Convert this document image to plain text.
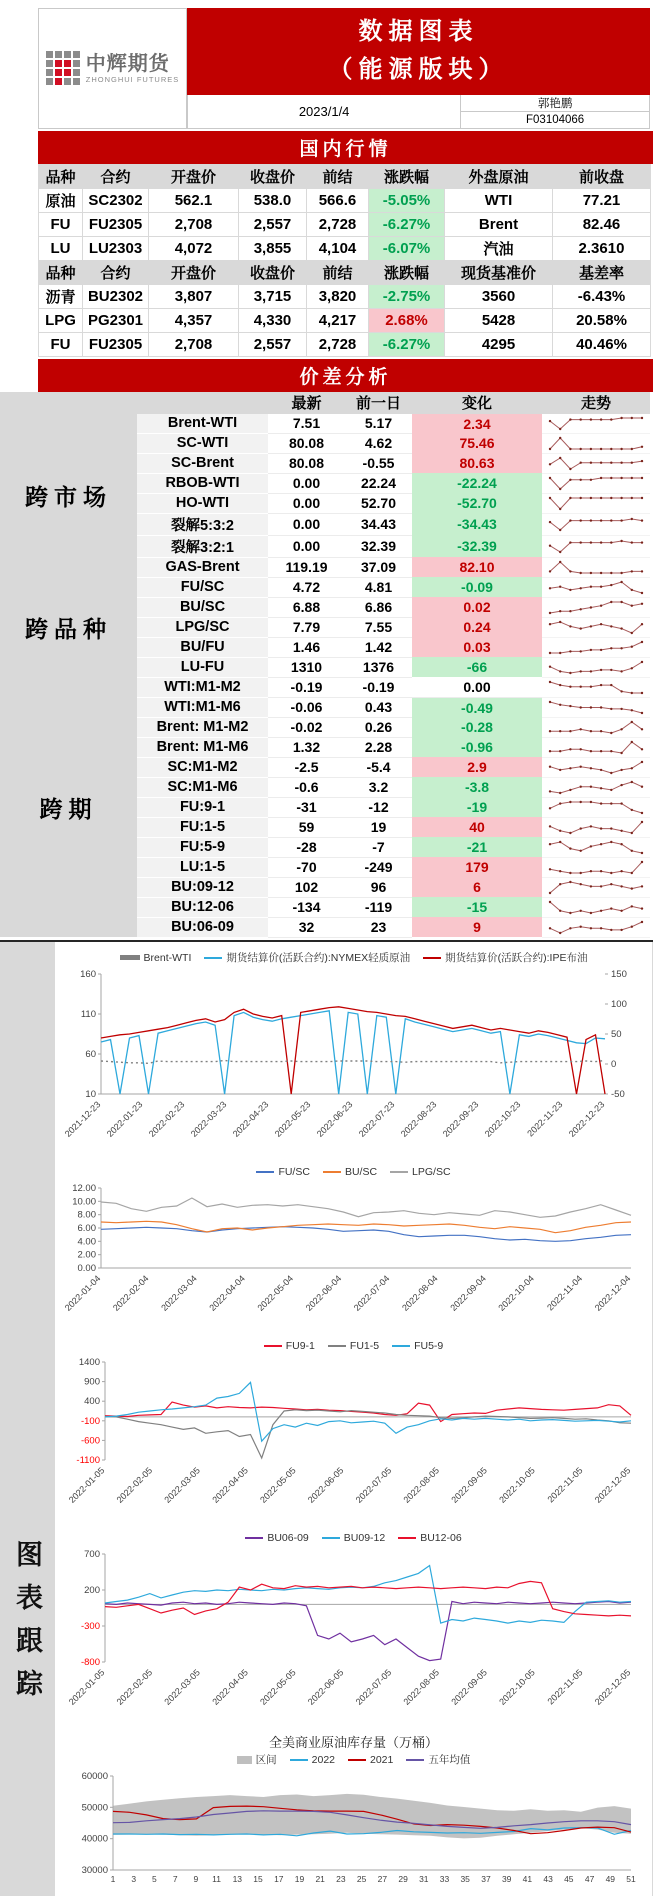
中辉期货
ZHONGHUI FUTURES
数据图表
（能源版块）
2023/1/4	郭艳鹏
F03104066
国内行情
品种	合约	开盘价	收盘价	前结	涨跌幅	外盘原油	前收盘
原油	SC2302	562.1	538.0	566.6	-5.05%	WTI	77.21
FU	FU2305	2,708	2,557	2,728	-6.27%	Brent	82.46
LU	LU2303	4,072	3,855	4,104	-6.07%	汽油	2.3610
品种	合约	开盘价	收盘价	前结	涨跌幅	现货基准价	基差率
沥青	BU2302	3,807	3,715	3,820	-2.75%	3560	-6.43%
LPG	PG2301	4,357	4,330	4,217	2.68%	5428	20.58%
FU	FU2305	2,708	2,557	2,728	-6.27%	4295	40.46%
价差分析
		最新	前一日	变化	走势
跨市场	Brent-WTI	7.51	5.17	2.34	

	SC-WTI	80.08	4.62	75.46	

	SC-Brent	80.08	-0.55	80.63	

	RBOB-WTI	0.00	22.24	-22.24	

	HO-WTI	0.00	52.70	-52.70	

	裂解5:3:2	0.00	34.43	-34.43	

	裂解3:2:1	0.00	32.39	-32.39	

	GAS-Brent	119.19	37.09	82.10	

跨品种	FU/SC	4.72	4.81	-0.09	

	BU/SC	6.88	6.86	0.02	

	LPG/SC	7.79	7.55	0.24	

	BU/FU	1.46	1.42	0.03	

	LU-FU	1310	1376	-66	

跨期	WTI:M1-M2	-0.19	-0.19	0.00	

	WTI:M1-M6	-0.06	0.43	-0.49	

	Brent: M1-M2	-0.02	0.26	-0.28	

	Brent: M1-M6	1.32	2.28	-0.96	

	SC:M1-M2	-2.5	-5.4	2.9	

	SC:M1-M6	-0.6	3.2	-3.8	

	FU:9-1	-31	-12	-19	

	FU:1-5	59	19	40	

	FU:5-9	-28	-7	-21	

	LU:1-5	-70	-249	179	

	BU:09-12	102	96	6	

	BU:12-06	-134	-119	-15	

	BU:06-09	32	23	9	
图表跟踪
Brent-WTI	期货结算价(活跃合约):NYMEX轻质原油	期货结算价(活跃合约):IPE布油
160
110
60
10
150
100
50
0
-50
2021-12-23 2022-01-23 2022-02-23 2022-03-23 2022-04-23 2022-05-23 2022-06-23 2022-07-23 2022-08-23 2022-09-23 2022-10-23 2022-11-23 2022-12-23
FU/SC	BU/SC	LPG/SC
12.00
10.00
8.00
6.00
4.00
2.00
0.00
2022-01-04 2022-02-04 2022-03-04 2022-04-04 2022-05-04 2022-06-04 2022-07-04 2022-08-04 2022-09-04 2022-10-04 2022-11-04 2022-12-04
FU9-1	FU1-5	FU5-9
1400
900
400
-100
-600
-1100
2022-01-05 2022-02-05 2022-03-05 2022-04-05 2022-05-05 2022-06-05 2022-07-05 2022-08-05 2022-09-05 2022-10-05 2022-11-05 2022-12-05
BU06-09	BU09-12	BU12-06
700
200
-300
-800
2022-01-05 2022-02-05 2022-03-05 2022-04-05 2022-05-05 2022-06-05 2022-07-05 2022-08-05 2022-09-05 2022-10-05 2022-11-05 2022-12-05
全美商业原油库存量（万桶）
区间	2022	2021	五年均值
60000
50000
40000
30000
1 3 5 7 9 11 13 15 17 19 21 23 25 27 29 31 33 35 37 39 41 43 45 47 49 51
